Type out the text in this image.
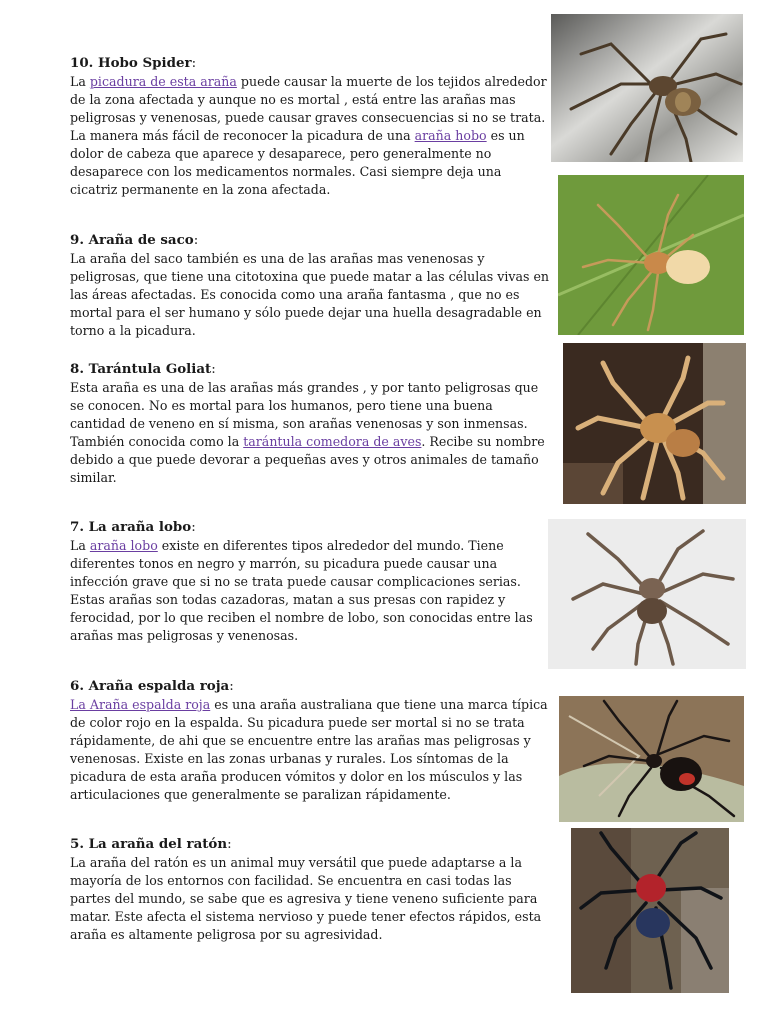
10. Hobo Spider:

La picadura de esta araña puede causar la muerte de los tejidos alrededor de la zona afectada y aunque no es mortal , está entre las arañas mas peligrosas y venenosas, puede causar graves consecuencias si no se trata. La manera más fácil de reconocer la picadura de una araña hobo es un dolor de cabeza que aparece y desaparece, pero generalmente no desaparece con los medicamentos normales. Casi siempre deja una cicatriz permanente en la zona afectada.

9. Araña de saco:

La araña del saco también es una de las arañas mas venenosas y peligrosas, que tiene una citotoxina que puede matar a las células vivas en las áreas afectadas. Es conocida como una araña fantasma , que no es mortal para el ser humano y sólo puede dejar una huella desagradable en torno a la picadura.

8. Tarántula Goliat:

Esta araña es una de las arañas más grandes , y por tanto peligrosas que se conocen. No es mortal para los humanos, pero tiene una buena cantidad de veneno en sí misma, son arañas venenosas y son inmensas. También conocida como la tarántula comedora de aves. Recibe su nombre debido a que puede devorar a pequeñas aves y otros animales de tamaño similar.

7. La araña lobo:

La araña lobo existe en diferentes tipos alrededor del mundo. Tiene diferentes tonos en negro y marrón, su picadura puede causar una infección grave que si no se trata puede causar complicaciones serias. Estas arañas son todas cazadoras, matan a sus presas con rapidez y ferocidad, por lo que reciben el nombre de lobo, son conocidas entre las arañas mas peligrosas y venenosas.

6. Araña espalda roja:

La Araña espalda roja es una araña australiana que tiene una marca típica de color rojo en la espalda. Su picadura puede ser mortal si no se trata rápidamente, de ahi que se encuentre entre las arañas mas peligrosas y venenosas. Existe en las zonas urbanas y rurales. Los síntomas de la picadura de esta araña producen vómitos y dolor en los músculos y las articulaciones que generalmente se paralizan rápidamente.

5. La araña del ratón:

La araña del ratón es un animal muy versátil que puede adaptarse a la mayoría de los entornos con facilidad. Se encuentra en casi todas las partes del mundo, se sabe que es agresiva y tiene veneno suficiente para matar. Este afecta el sistema nervioso y puede tener efectos rápidos, esta araña es altamente peligrosa por su agresividad.
